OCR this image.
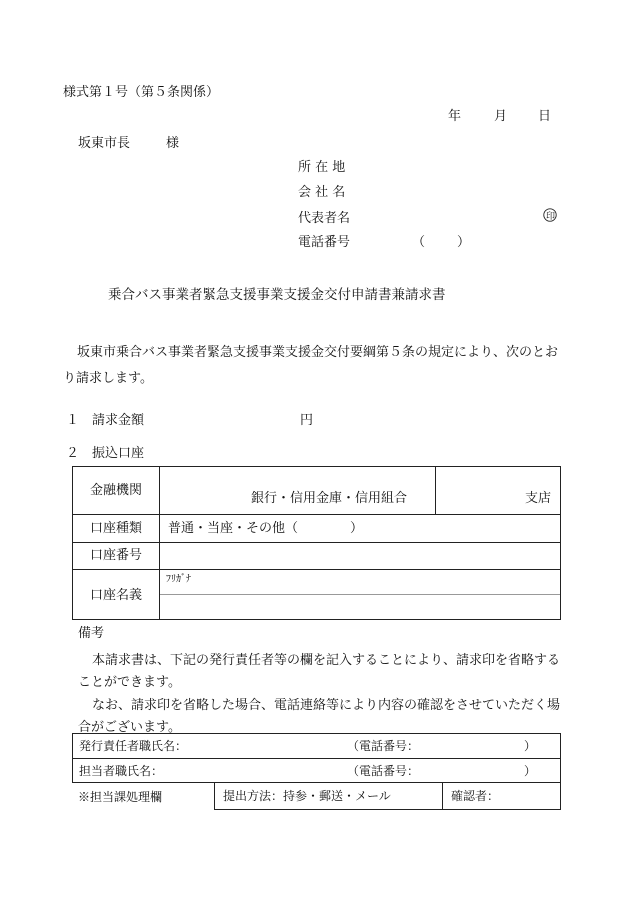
様式第１号（第５条関係）
年	月 日
坂東市長	様
所 在 地
会 社 名
代表者名	印
電話番号	（ ）
乗合バス事業者緊急支援事業支援金交付申請書兼請求書
坂東市乗合バス事業者緊急支援事業支援金交付要綱第５条の規定により、次のとおり請求します。
１ 請求金額	円
２ 振込口座
金融機関
銀行・信用金庫・信用組合	支店
口座種類 普通・当座・その他（　　　　）
口座番号
口座名義
ﾌﾘｶﾞﾅ
備考
本請求書は、下記の発行責任者等の欄を記入することにより、請求印を省略することができます。
なお、請求印を省略した場合、電話連絡等により内容の確認をさせていただく場合がございます。
発行責任者職氏名：	（電話番号：	）
担当者職氏名：	（電話番号：	）
※担当課処理欄	提出方法：持参・郵送・メール	確認者：
